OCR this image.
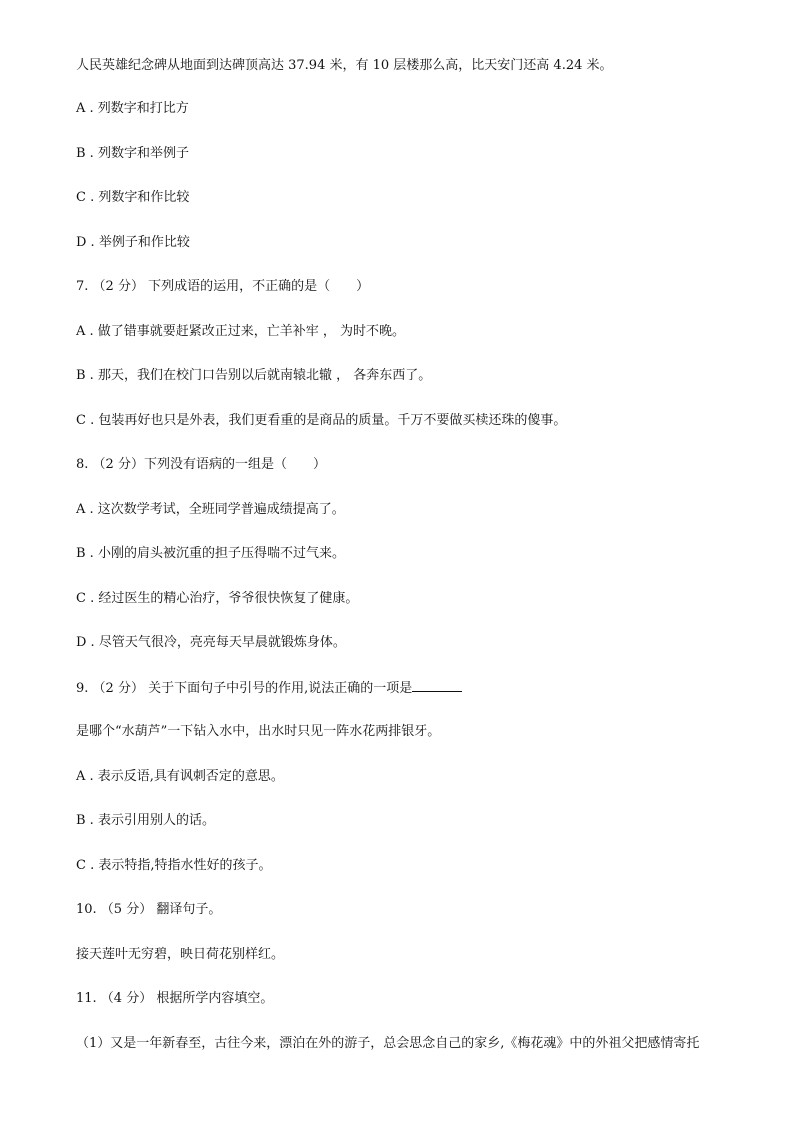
人民英雄纪念碑从地面到达碑顶高达 37.94 米，有 10 层楼那么高，比天安门还高 4.24 米。
A . 列数字和打比方
B . 列数字和举例子
C . 列数字和作比较
D . 举例子和作比较
7. （2 分） 下列成语的运用，不正确的是（　　）
A . 做了错事就要赶紧改正过来，亡羊补牢 ， 为时不晚。
B . 那天，我们在校门口告别以后就南辕北辙 ， 各奔东西了。
C . 包装再好也只是外表，我们更看重的是商品的质量。千万不要做买椟还珠的傻事。
8. （2 分）下列没有语病的一组是（　　）
A . 这次数学考试，全班同学普遍成绩提高了。
B . 小刚的肩头被沉重的担子压得喘不过气来。
C . 经过医生的精心治疗，爷爷很快恢复了健康。
D . 尽管天气很冷，亮亮每天早晨就锻炼身体。
9. （2 分） 关于下面句子中引号的作用,说法正确的一项是
是哪个“水葫芦”一下钻入水中，出水时只见一阵水花两排银牙。
A . 表示反语,具有讽刺否定的意思。
B . 表示引用别人的话。
C . 表示特指,特指水性好的孩子。
10. （5 分） 翻译句子。
接天莲叶无穷碧，映日荷花别样红。
11. （4 分） 根据所学内容填空。
（1）又是一年新春至，古往今来，漂泊在外的游子，总会思念自己的家乡,《梅花魂》中的外祖父把感情寄托
